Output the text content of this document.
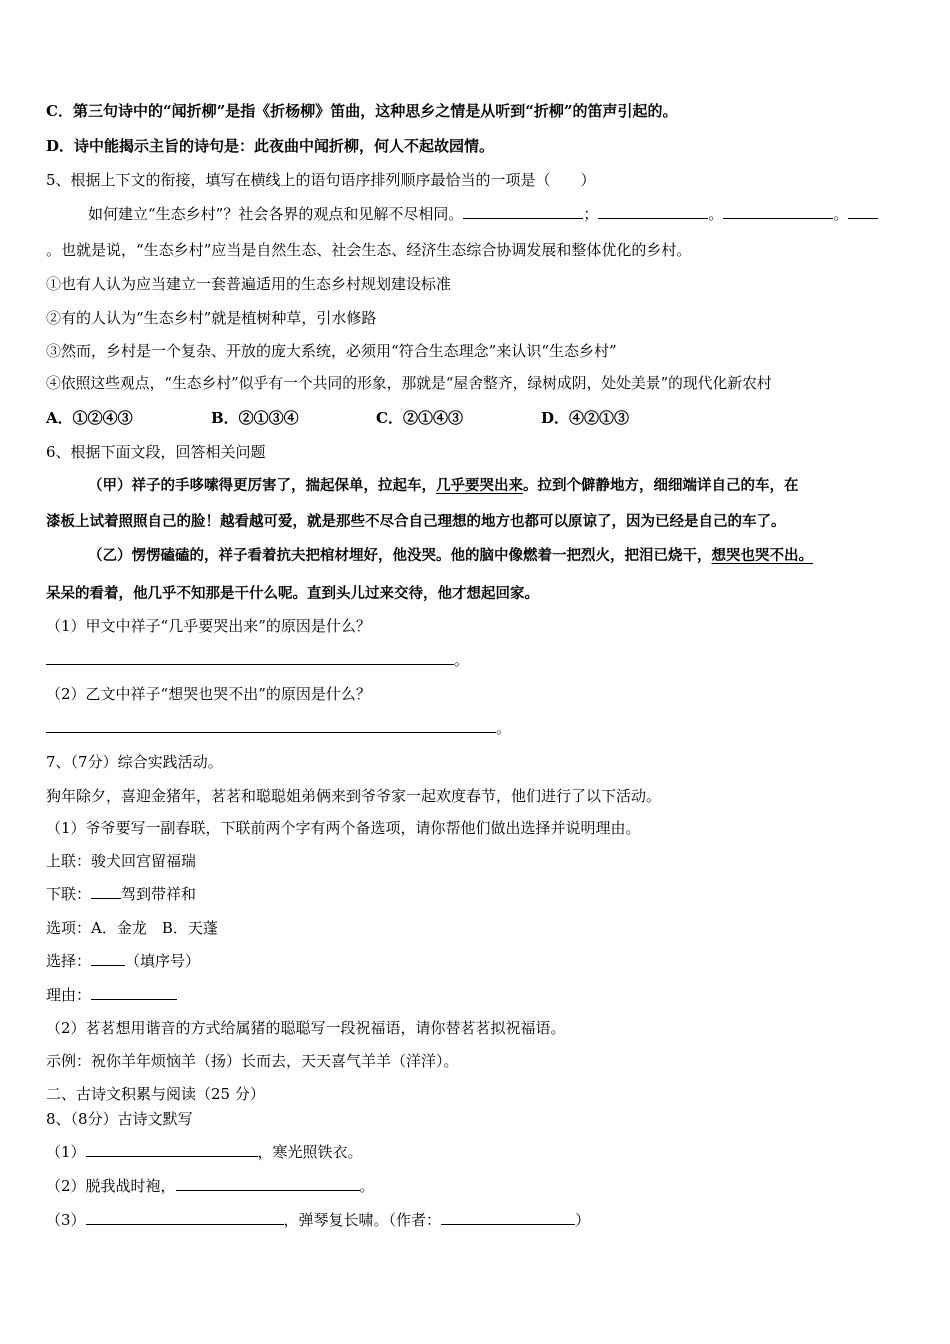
C．第三句诗中的“闻折柳”是指《折杨柳》笛曲，这种思乡之情是从听到“折柳”的笛声引起的。
D．诗中能揭示主旨的诗句是：此夜曲中闻折柳，何人不起故园情。
5、根据上下文的衔接，填写在横线上的语句语序排列顺序最恰当的一项是（　　）
如何建立“生态乡村”？社会各界的观点和见解不尽相同。	；	。	。
。也就是说，“生态乡村”应当是自然生态、社会生态、经济生态综合协调发展和整体优化的乡村。
①也有人认为应当建立一套普遍适用的生态乡村规划建设标准
②有的人认为“生态乡村”就是植树种草，引水修路
③然而，乡村是一个复杂、开放的庞大系统，必须用“符合生态理念”来认识“生态乡村”
④依照这些观点，“生态乡村”似乎有一个共同的形象，那就是“屋舍整齐，绿树成阴，处处美景”的现代化新农村
A．①②④③	B．②①③④	C．②①④③	D．④②①③
6、根据下面文段，回答相关问题
（甲）祥子的手哆嗦得更厉害了，揣起保单，拉起车，几乎要哭出来。拉到个僻静地方，细细端详自己的车，在
漆板上试着照照自己的脸！越看越可爱，就是那些不尽合自己理想的地方也都可以原谅了，因为已经是自己的车了。
（乙）愣愣磕磕的，祥子看着抗夫把棺材埋好，他没哭。他的脑中像燃着一把烈火，把泪已烧干，想哭也哭不出。
呆呆的看着，他几乎不知那是干什么呢。直到头儿过来交待，他才想起回家。
（1）甲文中祥子“几乎要哭出来”的原因是什么？
。
（2）乙文中祥子“想哭也哭不出”的原因是什么？
。
7、（7分）综合实践活动。
狗年除夕，喜迎金猪年，茗茗和聪聪姐弟俩来到爷爷家一起欢度春节，他们进行了以下活动。
（1）爷爷要写一副春联，下联前两个字有两个备选项，请你帮他们做出选择并说明理由。
上联：骏犬回宫留福瑞
下联： 驾到带祥和
选项：A．金龙　B．天蓬
选择： （填序号）
理由：
（2）茗茗想用谐音的方式给属猪的聪聪写一段祝福语，请你替茗茗拟祝福语。
示例：祝你羊年烦恼羊（扬）长而去，天天喜气羊羊（洋洋）。
二、古诗文积累与阅读（25 分）
8、（8分）古诗文默写
（1）	，寒光照铁衣。
（2）脱我战时袍，	。
（3）	，弹琴复长啸。（作者：	）
